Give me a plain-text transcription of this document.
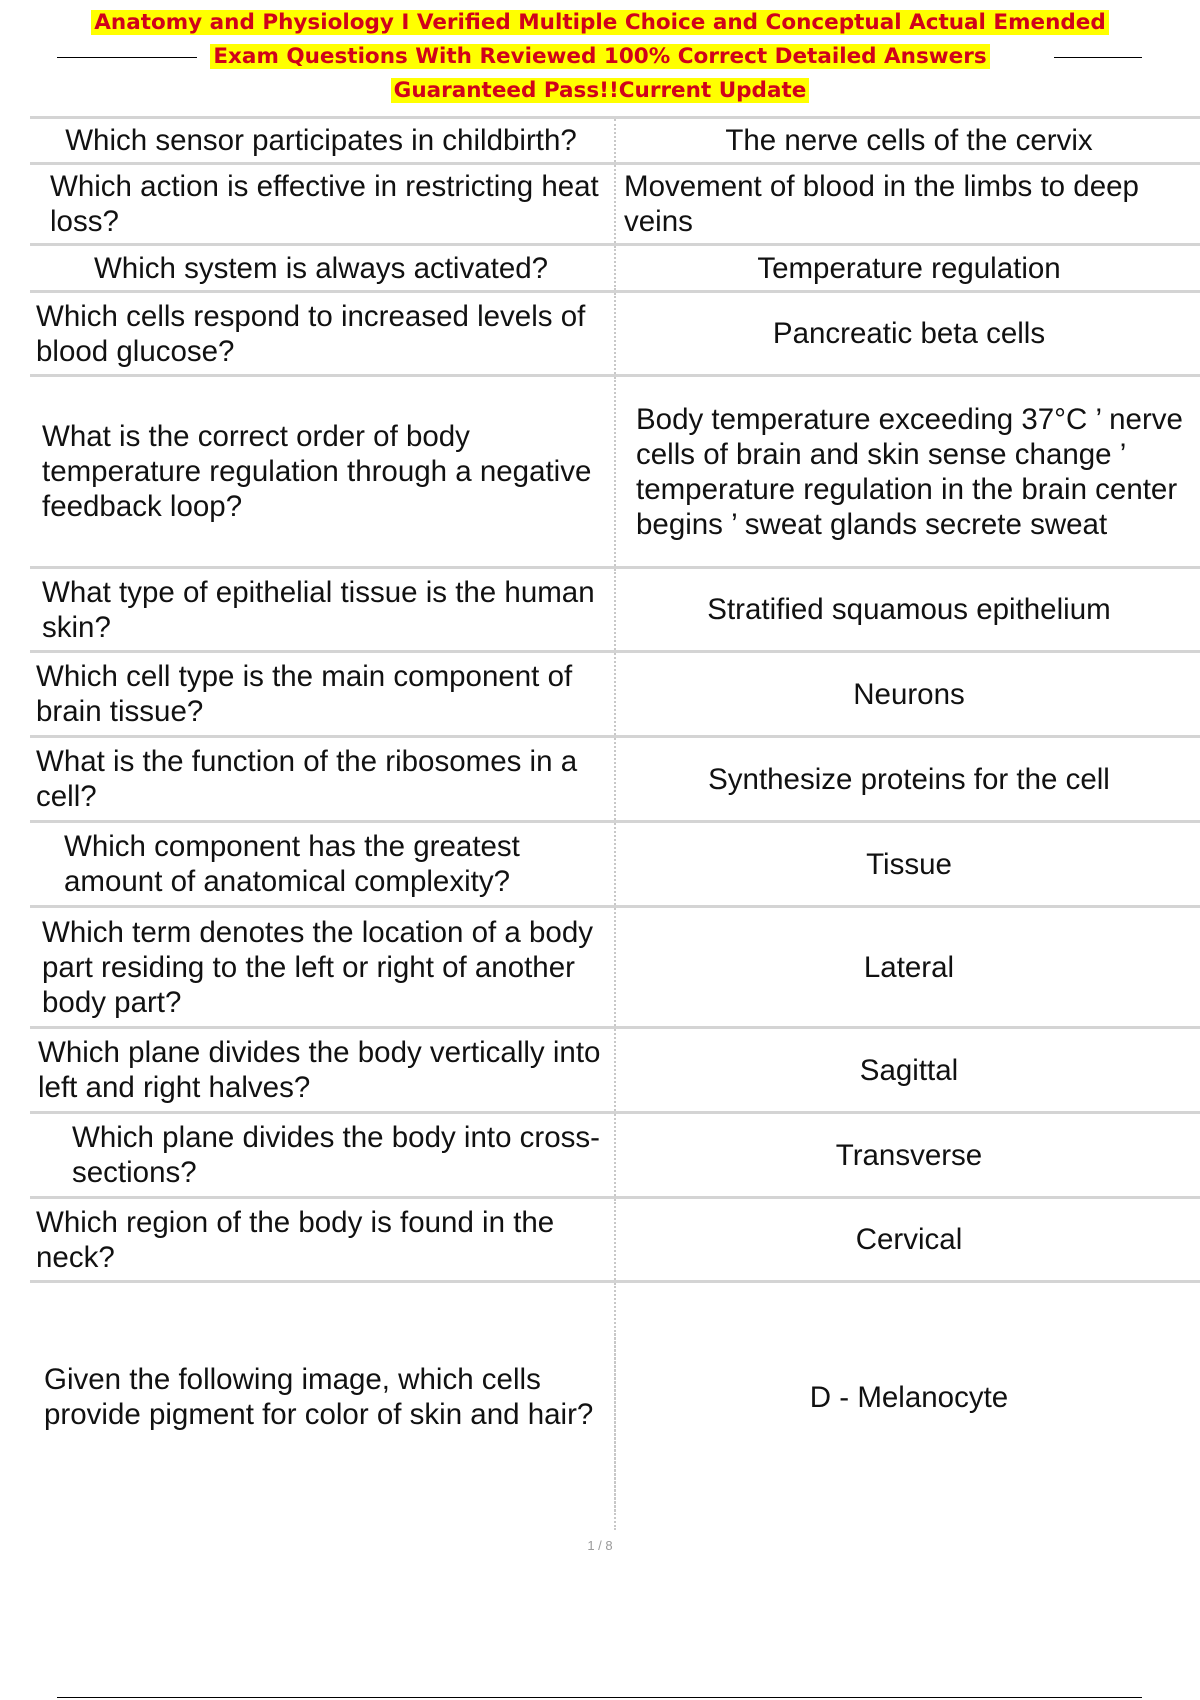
Anatomy and Physiology I Verified Multiple Choice and Conceptual Actual Emended
Exam Questions With Reviewed 100% Correct Detailed Answers
Guaranteed Pass!!Current Update
Which sensor participates in childbirth?	The nerve cells of the cervix
Which action is effective in restricting heat loss?	Movement of blood in the limbs to deep veins
Which system is always activated?	Temperature regulation
Which cells respond to increased levels of blood glucose?	Pancreatic beta cells
What is the correct order of body temperature regulation through a negative feedback loop?	Body temperature exceeding 37°C ’ nerve cells of brain and skin sense change ’ temperature regulation in the brain center begins ’ sweat glands secrete sweat
What type of epithelial tissue is the human skin?	Stratified squamous epithelium
Which cell type is the main component of brain tissue?	Neurons
What is the function of the ribosomes in a cell?	Synthesize proteins for the cell
Which component has the greatest amount of anatomical complexity?	Tissue
Which term denotes the location of a body part residing to the left or right of another body part?	Lateral
Which plane divides the body vertically into left and right halves?	Sagittal
Which plane divides the body into cross-sections?	Transverse
Which region of the body is found in the neck?	Cervical
Given the following image, which cells provide pigment for color of skin and hair?	D - Melanocyte
1 / 8
